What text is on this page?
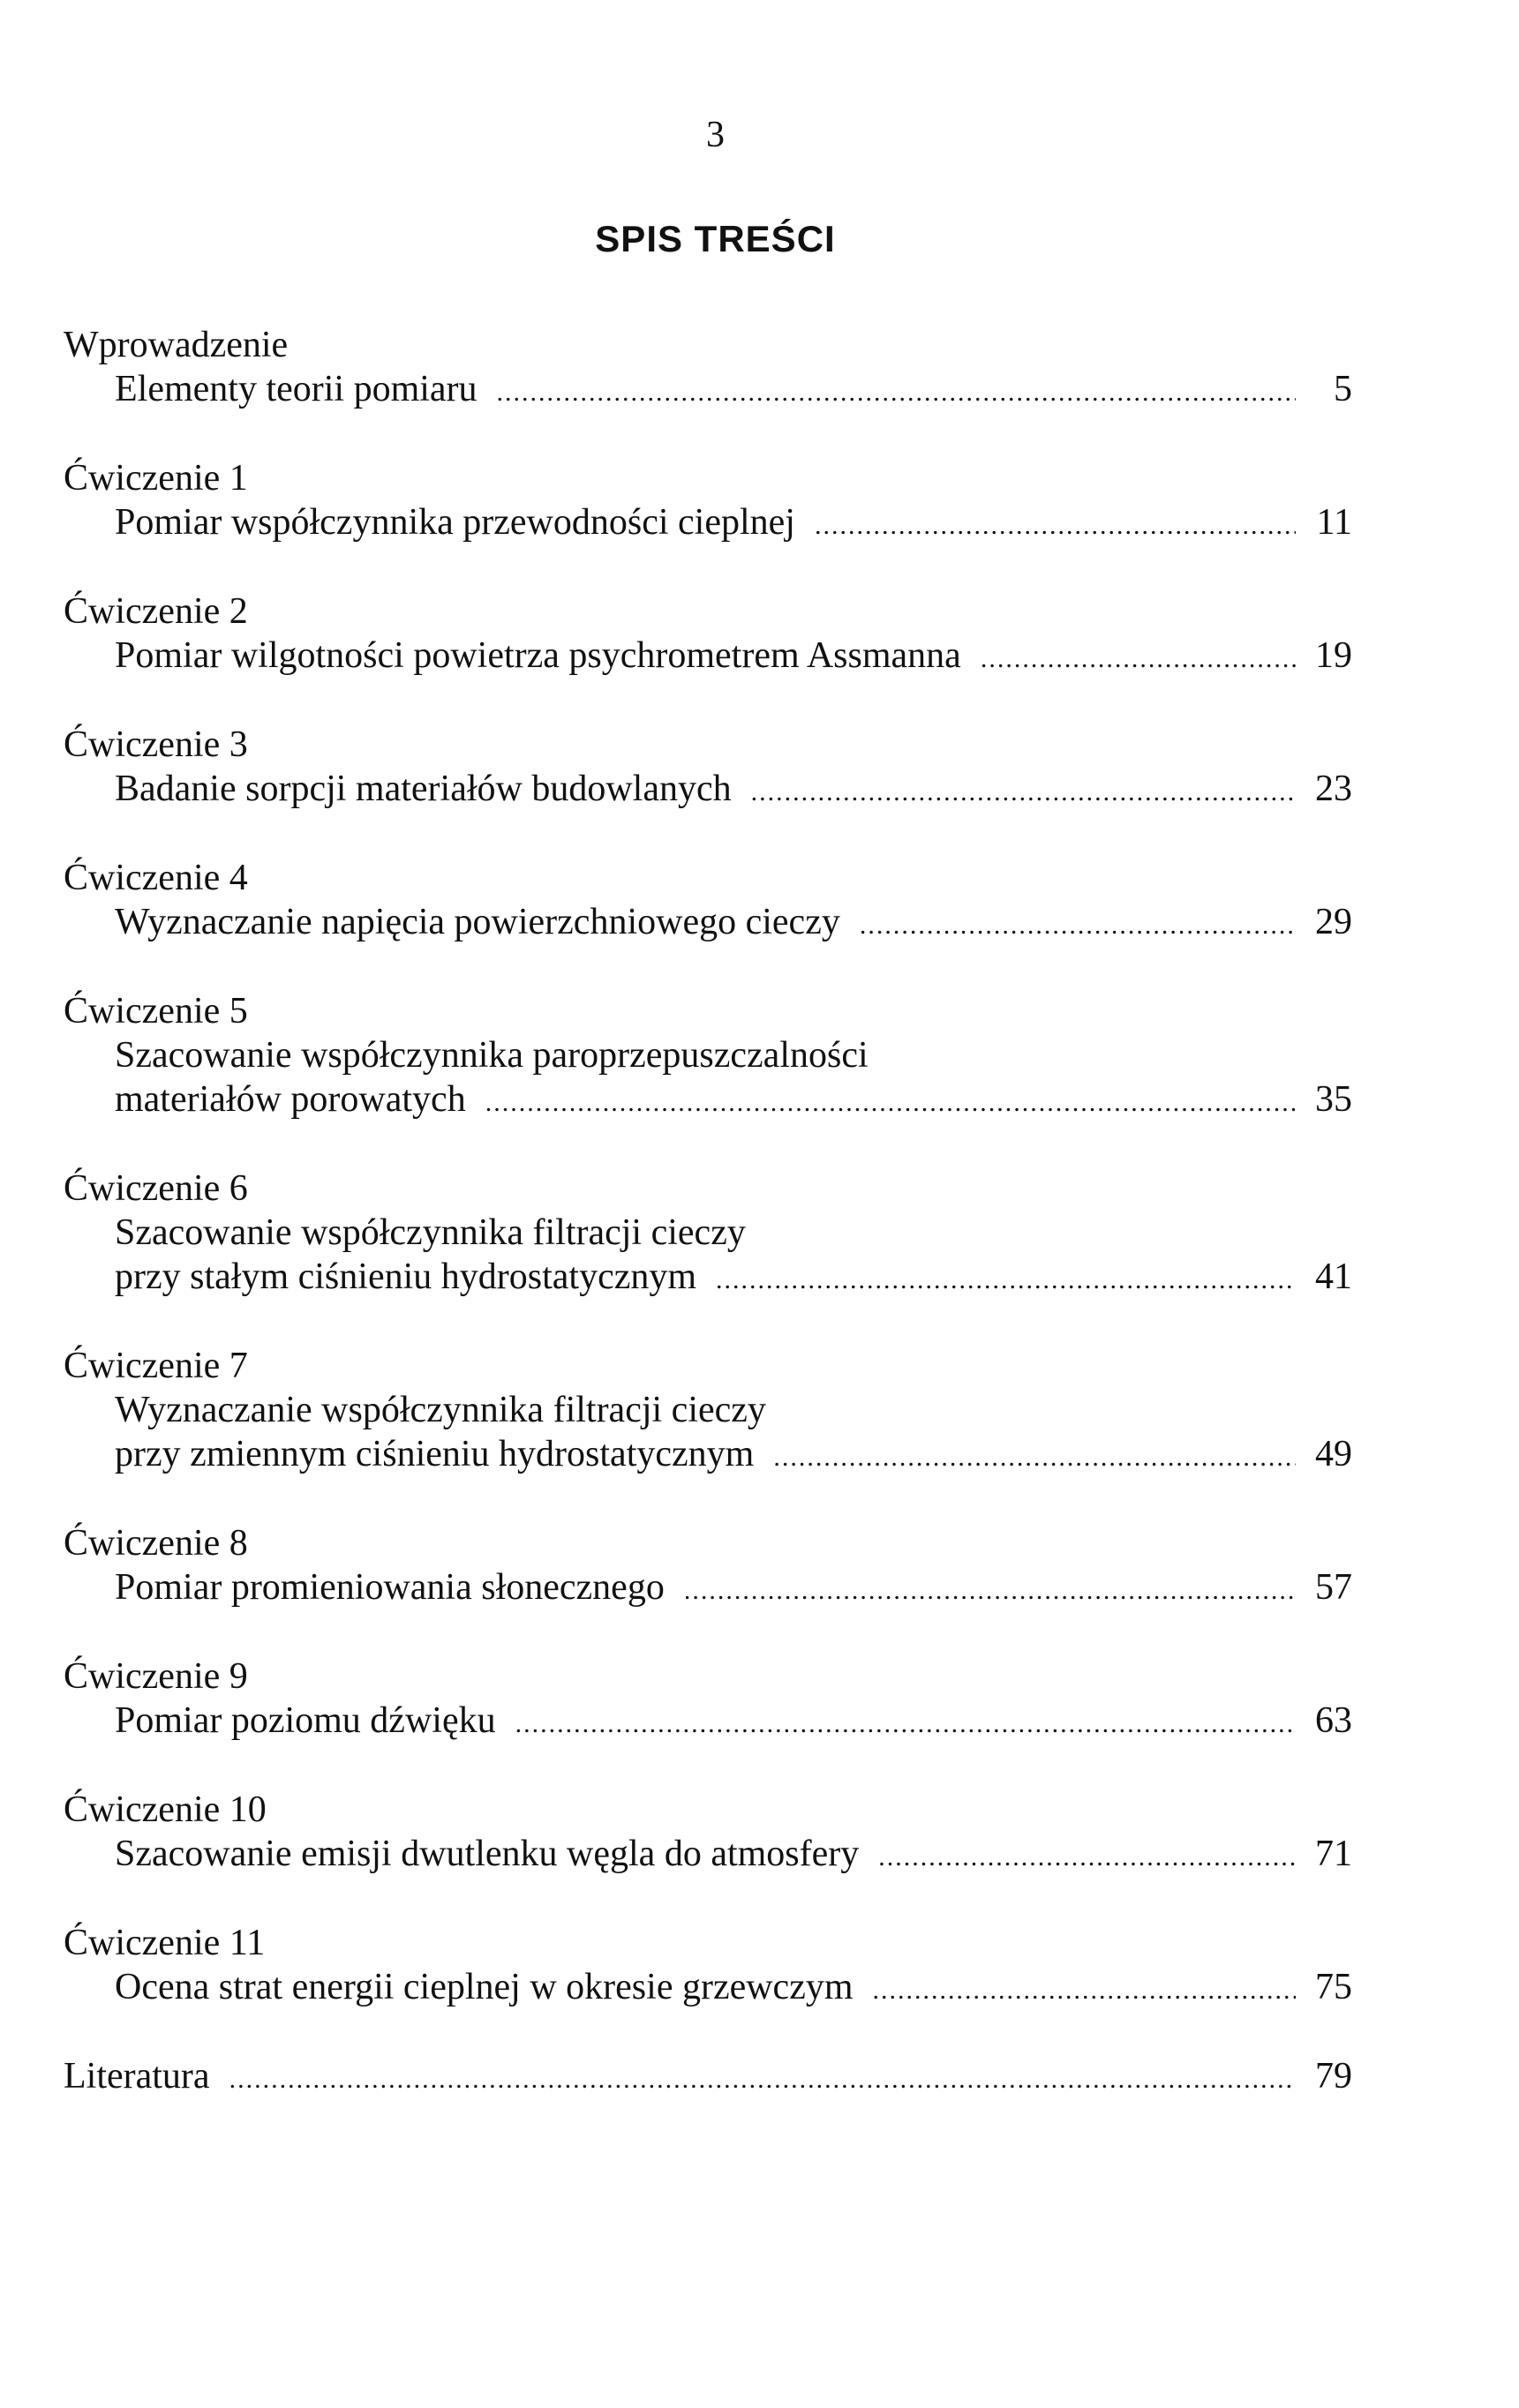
3
SPIS TREŚCI
Wprowadzenie
Elementy teorii pomiaru .....	5
Ćwiczenie 1
Pomiar współczynnika przewodności cieplnej .....	11
Ćwiczenie 2
Pomiar wilgotności powietrza psychrometrem Assmanna .....	19
Ćwiczenie 3
Badanie sorpcji materiałów budowlanych .....	23
Ćwiczenie 4
Wyznaczanie napięcia powierzchniowego cieczy .....	29
Ćwiczenie 5
Szacowanie współczynnika paroprzepuszczalności
materiałów porowatych .....	35
Ćwiczenie 6
Szacowanie współczynnika filtracji cieczy
przy stałym ciśnieniu hydrostatycznym .....	41
Ćwiczenie 7
Wyznaczanie współczynnika filtracji cieczy
przy zmiennym ciśnieniu hydrostatycznym .....	49
Ćwiczenie 8
Pomiar promieniowania słonecznego .....	57
Ćwiczenie 9
Pomiar poziomu dźwięku .....	63
Ćwiczenie 10
Szacowanie emisji dwutlenku węgla do atmosfery .....	71
Ćwiczenie 11
Ocena strat energii cieplnej w okresie grzewczym .....	75
Literatura .....	79
